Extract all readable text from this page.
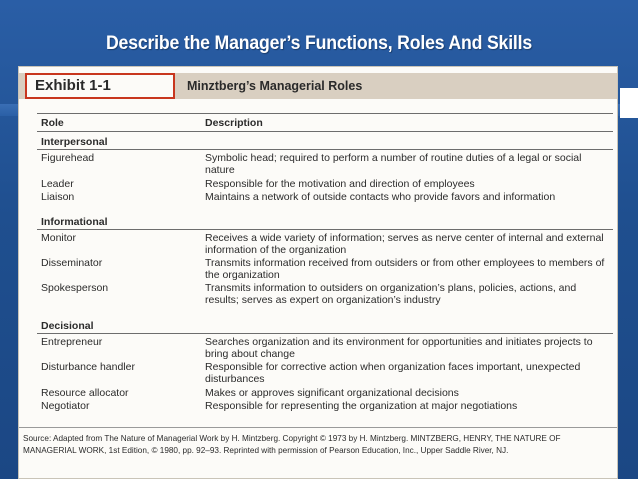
Describe the Manager’s Functions, Roles And Skills
Exhibit 1-1	Minztberg’s Managerial Roles
Role	Description
Interpersonal
Figurehead	Symbolic head; required to perform a number of routine duties of a legal or social nature
Leader	Responsible for the motivation and direction of employees
Liaison	Maintains a network of outside contacts who provide favors and information
Informational
Monitor	Receives a wide variety of information; serves as nerve center of internal and external information of the organization
Disseminator	Transmits information received from outsiders or from other employees to members of the organization
Spokesperson	Transmits information to outsiders on organization’s plans, policies, actions, and results; serves as expert on organization’s industry
Decisional
Entrepreneur	Searches organization and its environment for opportunities and initiates projects to bring about change
Disturbance handler	Responsible for corrective action when organization faces important, unexpected disturbances
Resource allocator	Makes or approves significant organizational decisions
Negotiator	Responsible for representing the organization at major negotiations
Source: Adapted from The Nature of Managerial Work by H. Mintzberg. Copyright © 1973 by H. Mintzberg. MINTZBERG, HENRY, THE NATURE OF MANAGERIAL WORK, 1st Edition, © 1980, pp. 92–93. Reprinted with permission of Pearson Education, Inc., Upper Saddle River, NJ.
